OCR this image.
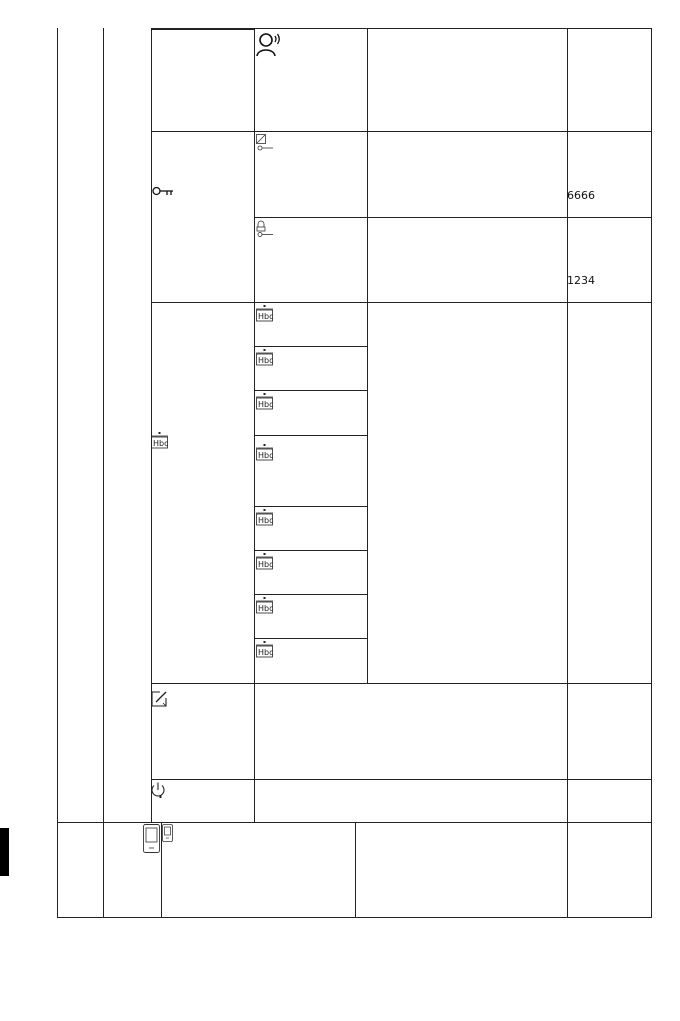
6666
1234
Hbc
Hbc
Hbc
Hbc
Hbc
Hbc
Hbc
Hbc
Hbc
